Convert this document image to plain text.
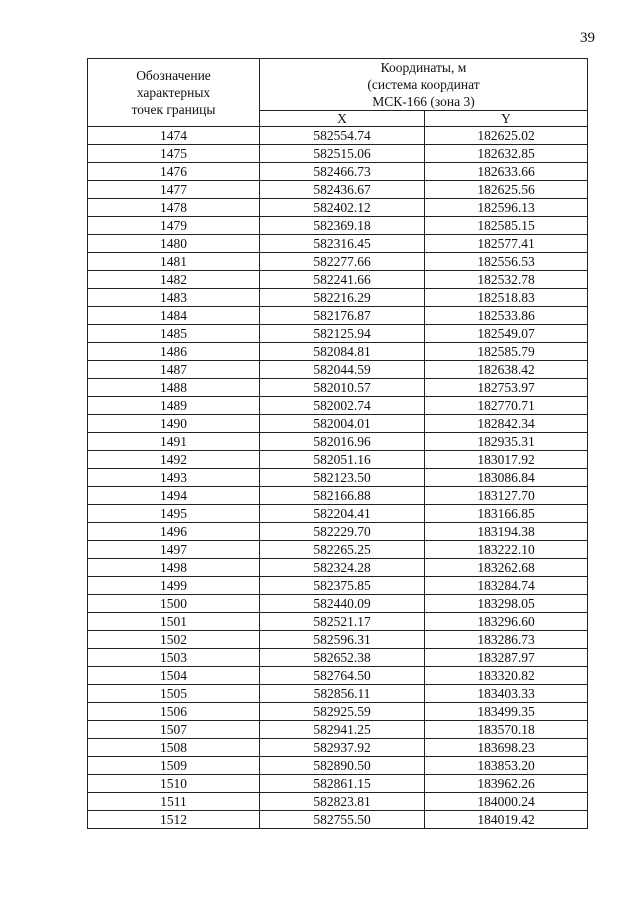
39
Обозначение
характерных
точек границы	Координаты, м
(система координат
МСК-166 (зона 3)	

	X	Y
1474	582554.74	182625.02
1475	582515.06	182632.85
1476	582466.73	182633.66
1477	582436.67	182625.56
1478	582402.12	182596.13
1479	582369.18	182585.15
1480	582316.45	182577.41
1481	582277.66	182556.53
1482	582241.66	182532.78
1483	582216.29	182518.83
1484	582176.87	182533.86
1485	582125.94	182549.07
1486	582084.81	182585.79
1487	582044.59	182638.42
1488	582010.57	182753.97
1489	582002.74	182770.71
1490	582004.01	182842.34
1491	582016.96	182935.31
1492	582051.16	183017.92
1493	582123.50	183086.84
1494	582166.88	183127.70
1495	582204.41	183166.85
1496	582229.70	183194.38
1497	582265.25	183222.10
1498	582324.28	183262.68
1499	582375.85	183284.74
1500	582440.09	183298.05
1501	582521.17	183296.60
1502	582596.31	183286.73
1503	582652.38	183287.97
1504	582764.50	183320.82
1505	582856.11	183403.33
1506	582925.59	183499.35
1507	582941.25	183570.18
1508	582937.92	183698.23
1509	582890.50	183853.20
1510	582861.15	183962.26
1511	582823.81	184000.24
1512	582755.50	184019.42
